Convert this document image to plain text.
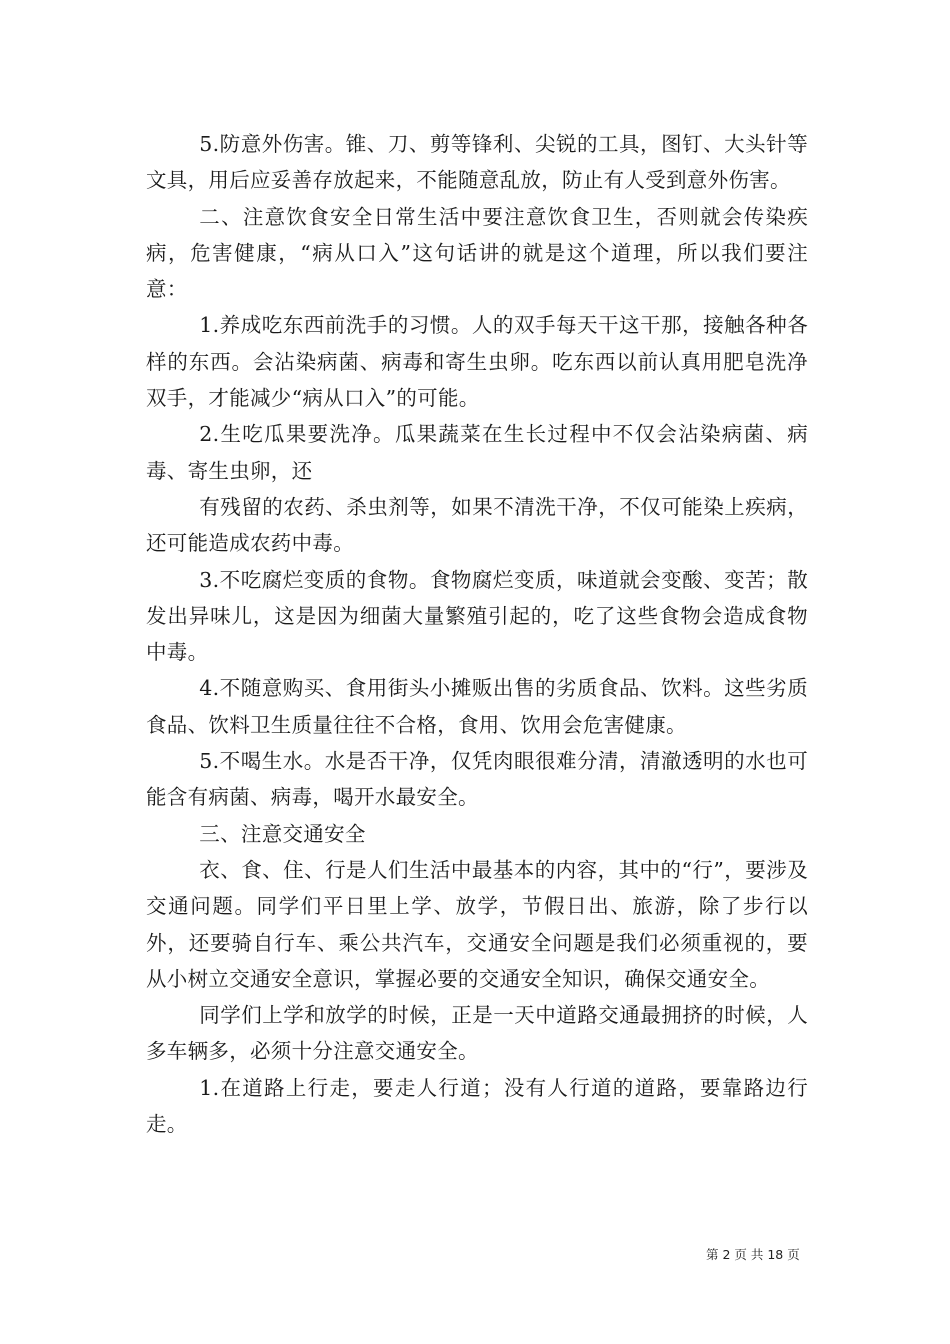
5.防意外伤害。锥、刀、剪等锋利、尖锐的工具，图钉、大头针等文具，用后应妥善存放起来，不能随意乱放，防止有人受到意外伤害。

二、注意饮食安全日常生活中要注意饮食卫生，否则就会传染疾病，危害健康，“病从口入”这句话讲的就是这个道理，所以我们要注意：

1.养成吃东西前洗手的习惯。人的双手每天干这干那，接触各种各样的东西。会沾染病菌、病毒和寄生虫卵。吃东西以前认真用肥皂洗净双手，才能减少“病从口入”的可能。

2.生吃瓜果要洗净。瓜果蔬菜在生长过程中不仅会沾染病菌、病毒、寄生虫卵，还

有残留的农药、杀虫剂等，如果不清洗干净，不仅可能染上疾病，还可能造成农药中毒。

3.不吃腐烂变质的食物。食物腐烂变质，味道就会变酸、变苦；散发出异味儿，这是因为细菌大量繁殖引起的，吃了这些食物会造成食物中毒。

4.不随意购买、食用街头小摊贩出售的劣质食品、饮料。这些劣质食品、饮料卫生质量往往不合格，食用、饮用会危害健康。

5.不喝生水。水是否干净，仅凭肉眼很难分清，清澈透明的水也可能含有病菌、病毒，喝开水最安全。

三、注意交通安全

衣、食、住、行是人们生活中最基本的内容，其中的“行”，要涉及交通问题。同学们平日里上学、放学，节假日出、旅游，除了步行以外，还要骑自行车、乘公共汽车，交通安全问题是我们必须重视的，要从小树立交通安全意识，掌握必要的交通安全知识，确保交通安全。

同学们上学和放学的时候，正是一天中道路交通最拥挤的时候，人多车辆多，必须十分注意交通安全。

1.在道路上行走，要走人行道；没有人行道的道路，要靠路边行走。

第 2 页 共 18 页
